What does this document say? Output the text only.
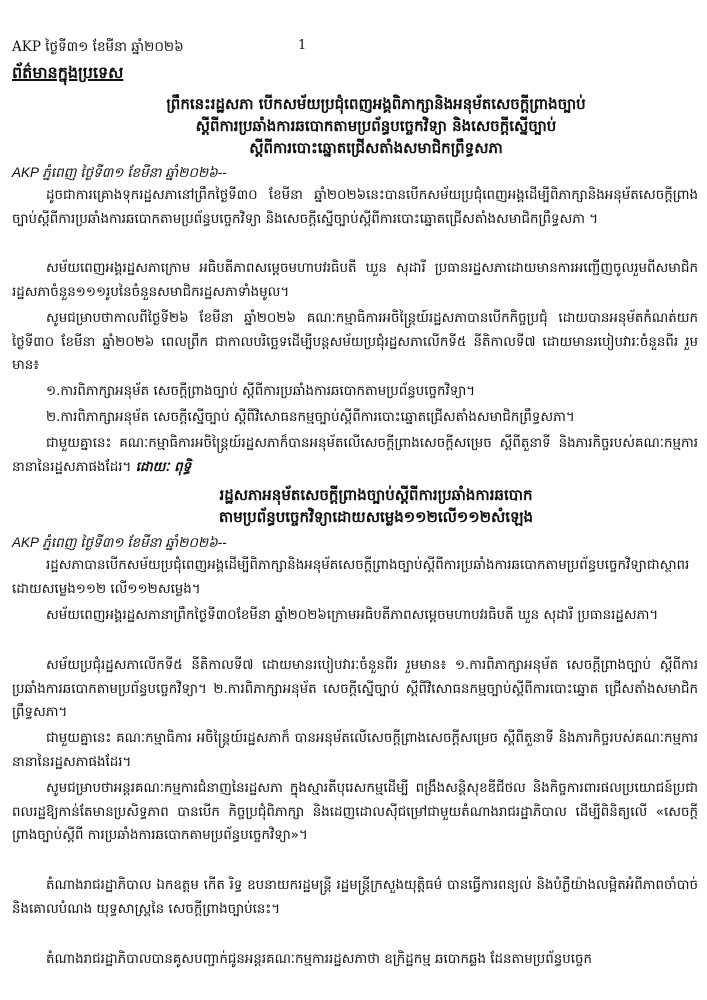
AKP ថ្ងៃទី៣១ ខែមីនា ឆ្នាំ២០២៦	1
ព័ត៌មានក្នុងប្រទេស
ព្រឹកនេះរដ្ឋសភា បើកសម័យប្រជុំពេញអង្គពិភាក្សានិងអនុម័តសេចក្តីព្រាងច្បាប់
ស្តីពីការប្រឆាំងការឆបោកតាមប្រព័ន្ធបច្ចេកវិទ្យា និងសេចក្តីស្នើច្បាប់
ស្តីពីការបោះឆ្នោតជ្រើសតាំងសមាជិកព្រឹទ្ធសភា
AKP ភ្នំពេញ ថ្ងៃទី៣១ ខែមីនា ឆ្នាំ២០២៦--
ដូចជាការគ្រោងទុករដ្ឋសភានៅព្រឹកថ្ងៃទី៣០ ខែមីនា ឆ្នាំ២០២៦នេះបានបើកសម័យប្រជុំពេញអង្គដើម្បីពិភាក្សានិងអនុម័តសេចក្តីព្រាងច្បាប់ស្តីពីការប្រឆាំងការឆបោកតាមប្រព័ន្ធបច្ចេកវិទ្យា និងសេចក្តីស្នើច្បាប់ស្តីពីការបោះឆ្នោតជ្រើសតាំងសមាជិកព្រឹទ្ធសភា ។
សម័យពេញអង្គរដ្ឋសភាក្រោម អធិបតីភាពសម្តេចមហាបវរធិបតី ឃួន សុដារី ប្រធានរដ្ឋសភាដោយមានការអញ្ជើញចូលរួមពីសមាជិករដ្ឋសភាចំនួន១១១រូបនៃចំនួនសមាជិករដ្ឋសភាទាំងមូល។
សូមជម្រាបថាកាលពីថ្ងៃទី២៦ ខែមីនា ឆ្នាំ២០២៦ គណៈកម្មាធិការអចិន្ត្រៃយ៍រដ្ឋសភាបានបើកកិច្ចប្រជុំ ដោយបានអនុម័តកំណត់យកថ្ងៃទី៣០ ខែមីនា ឆ្នាំ២០២៦ ពេលព្រឹក ជាកាលបរិច្ឆេទដើម្បីបន្តសម័យប្រជុំរដ្ឋសភាលើកទី៥ នីតិកាលទី៧ ដោយមានរបៀបវារៈចំនួនពីរ រួមមាន៖
១.ការពិភាក្សាអនុម័ត សេចក្តីព្រាងច្បាប់ ស្តីពីការប្រឆាំងការឆបោកតាមប្រព័ន្ធបច្ចេកវិទ្យា។
២.ការពិភាក្សាអនុម័ត សេចក្តីស្នើច្បាប់ ស្តីពីវិសោធនកម្មច្បាប់ស្តីពីការបោះឆ្នោតជ្រើសតាំងសមាជិកព្រឹទ្ធសភា។
ជាមួយគ្នានេះ គណៈកម្មាធិការអចិន្ត្រៃយ៍រដ្ឋសភាក៏បានអនុម័តលើសេចក្តីព្រាងសេចក្តីសម្រេច ស្តីពីតួនាទី និងភារកិច្ចរបស់គណៈកម្មការនានានៃរដ្ឋសភាផងដែរ។ ដោយៈ ពុទ្ធិ
រដ្ឋសភាអនុម័តសេចក្តីព្រាងច្បាប់ស្តីពីការប្រឆាំងការឆបោក
តាមប្រព័ន្ធបច្ចេកវិទ្យាដោយសម្លេង១១២លើ១១២សំឡេង
AKP ភ្នំពេញ ថ្ងៃទី៣១ ខែមីនា ឆ្នាំ២០២៦--
រដ្ឋសភាបានបើកសម័យប្រជុំពេញអង្គដើម្បីពិភាក្សានិងអនុម័តសេចក្តីព្រាងច្បាប់ស្តីពីការប្រឆាំងការឆបោកតាមប្រព័ន្ធបច្ចេកវិទ្យាជាស្ថាពរដោយសម្លេង១១២ លើ១១២សម្លេង។
សម័យពេញអង្គរដ្ឋសភានាព្រឹកថ្ងៃទី៣០ខែមីនា ឆ្នាំ២០២៦ក្រោមអធិបតីភាពសម្តេចមហាបវរធិបតី ឃួន សុដារី ប្រធានរដ្ឋសភា។
សម័យប្រជុំរដ្ឋសភាលើកទី៥ នីតិកាលទី៧ ដោយមានរបៀបវារៈចំនួនពីរ រួមមាន៖ ១.ការពិភាក្សាអនុម័ត សេចក្តីព្រាងច្បាប់ ស្តីពីការប្រឆាំងការឆបោកតាមប្រព័ន្ធបច្ចេកវិទ្យា។ ២.ការពិភាក្សាអនុម័ត សេចក្តីស្នើច្បាប់ ស្តីពីវិសោធនកម្មច្បាប់ស្តីពីការបោះឆ្នោត ជ្រើសតាំងសមាជិកព្រឹទ្ធសភា។
ជាមួយគ្នានេះ គណៈកម្មាធិការ អចិន្ត្រៃយ៍រដ្ឋសភាក៏ បានអនុម័តលើសេចក្តីព្រាងសេចក្តីសម្រេច ស្តីពីតួនាទី និងភារកិច្ចរបស់គណៈកម្មការ នានានៃរដ្ឋសភាផងដែរ។
សូមជម្រាបថាអន្តរគណៈកម្មការជំនាញនៃរដ្ឋសភា ក្នុងស្មារតីបុរេសកម្មដើម្បី ពង្រឹងសន្តិសុខឌីជីថល និងកិច្ចការពារផលប្រយោជន៍ប្រជាពលរដ្ឋឱ្យកាន់តែមានប្រសិទ្ធភាព បានបើក កិច្ចប្រជុំពិភាក្សា និងដេញដោលស៊ីជម្រៅជាមួយតំណាងរាជរដ្ឋាភិបាល ដើម្បីពិនិត្យលើ «សេចក្តីព្រាងច្បាប់ស្តីពី ការប្រឆាំងការឆបោកតាមប្រព័ន្ធបច្ចេកវិទ្យា»។
តំណាងរាជរដ្ឋាភិបាល ឯកឧត្តម កើត រិទ្ធ ឧបនាយករដ្ឋមន្ត្រី រដ្ឋមន្ត្រីក្រសួងយុត្តិធម៌ បានធ្វើការពន្យល់ និងបំភ្លឺយ៉ាងលម្អិតអំពីភាពចាំបាច់ និងគោលបំណង យុទ្ធសាស្ត្រនៃ សេចក្តីព្រាងច្បាប់នេះ។
តំណាងរាជរដ្ឋាភិបាលបានគូសបញ្ជាក់ជូនអន្តរគណៈកម្មការរដ្ឋសភាថា ឧក្រិដ្ឋកម្ម ឆបោកឆ្លង ដែនតាមប្រព័ន្ធបច្ចេក
